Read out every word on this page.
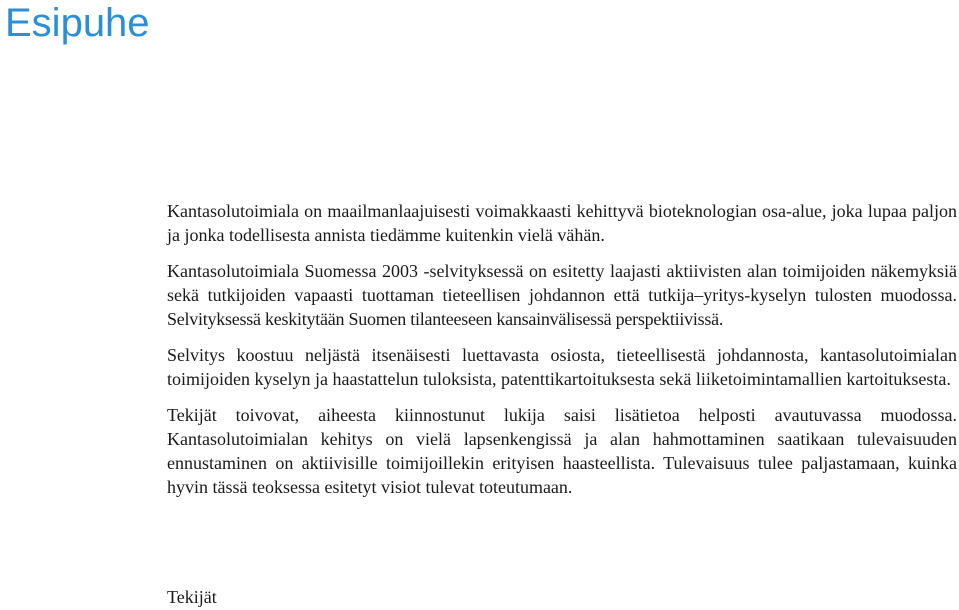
Esipuhe

Kantasolutoimiala on maailmanlaajuisesti voimakkaasti kehittyvä bioteknologian osa-alue, joka lupaa paljon ja jonka todellisesta annista tiedämme kuitenkin vielä vähän.

Kantasolutoimiala Suomessa 2003 -selvityksessä on esitetty laajasti aktiivisten alan toimijoiden näkemyksiä sekä tutkijoiden vapaasti tuottaman tieteellisen johdannon että tutkija–yritys-kyselyn tulosten muodossa. Selvityksessä keskitytään Suomen tilanteeseen kansainvälisessä perspektiivissä.

Selvitys koostuu neljästä itsenäisesti luettavasta osiosta, tieteellisestä johdannosta, kantasolutoimialan toimijoiden kyselyn ja haastattelun tuloksista, patenttikartoituksesta sekä liiketoimintamallien kartoituksesta.

Tekijät toivovat, aiheesta kiinnostunut lukija saisi lisätietoa helposti avautuvassa muodossa. Kantasolutoimialan kehitys on vielä lapsenkengissä ja alan hahmottaminen saatikaan tulevaisuuden ennustaminen on aktiivisille toimijoillekin erityisen haasteellista. Tulevaisuus tulee paljastamaan, kuinka hyvin tässä teoksessa esitetyt visiot tulevat toteutumaan.

Tekijät
